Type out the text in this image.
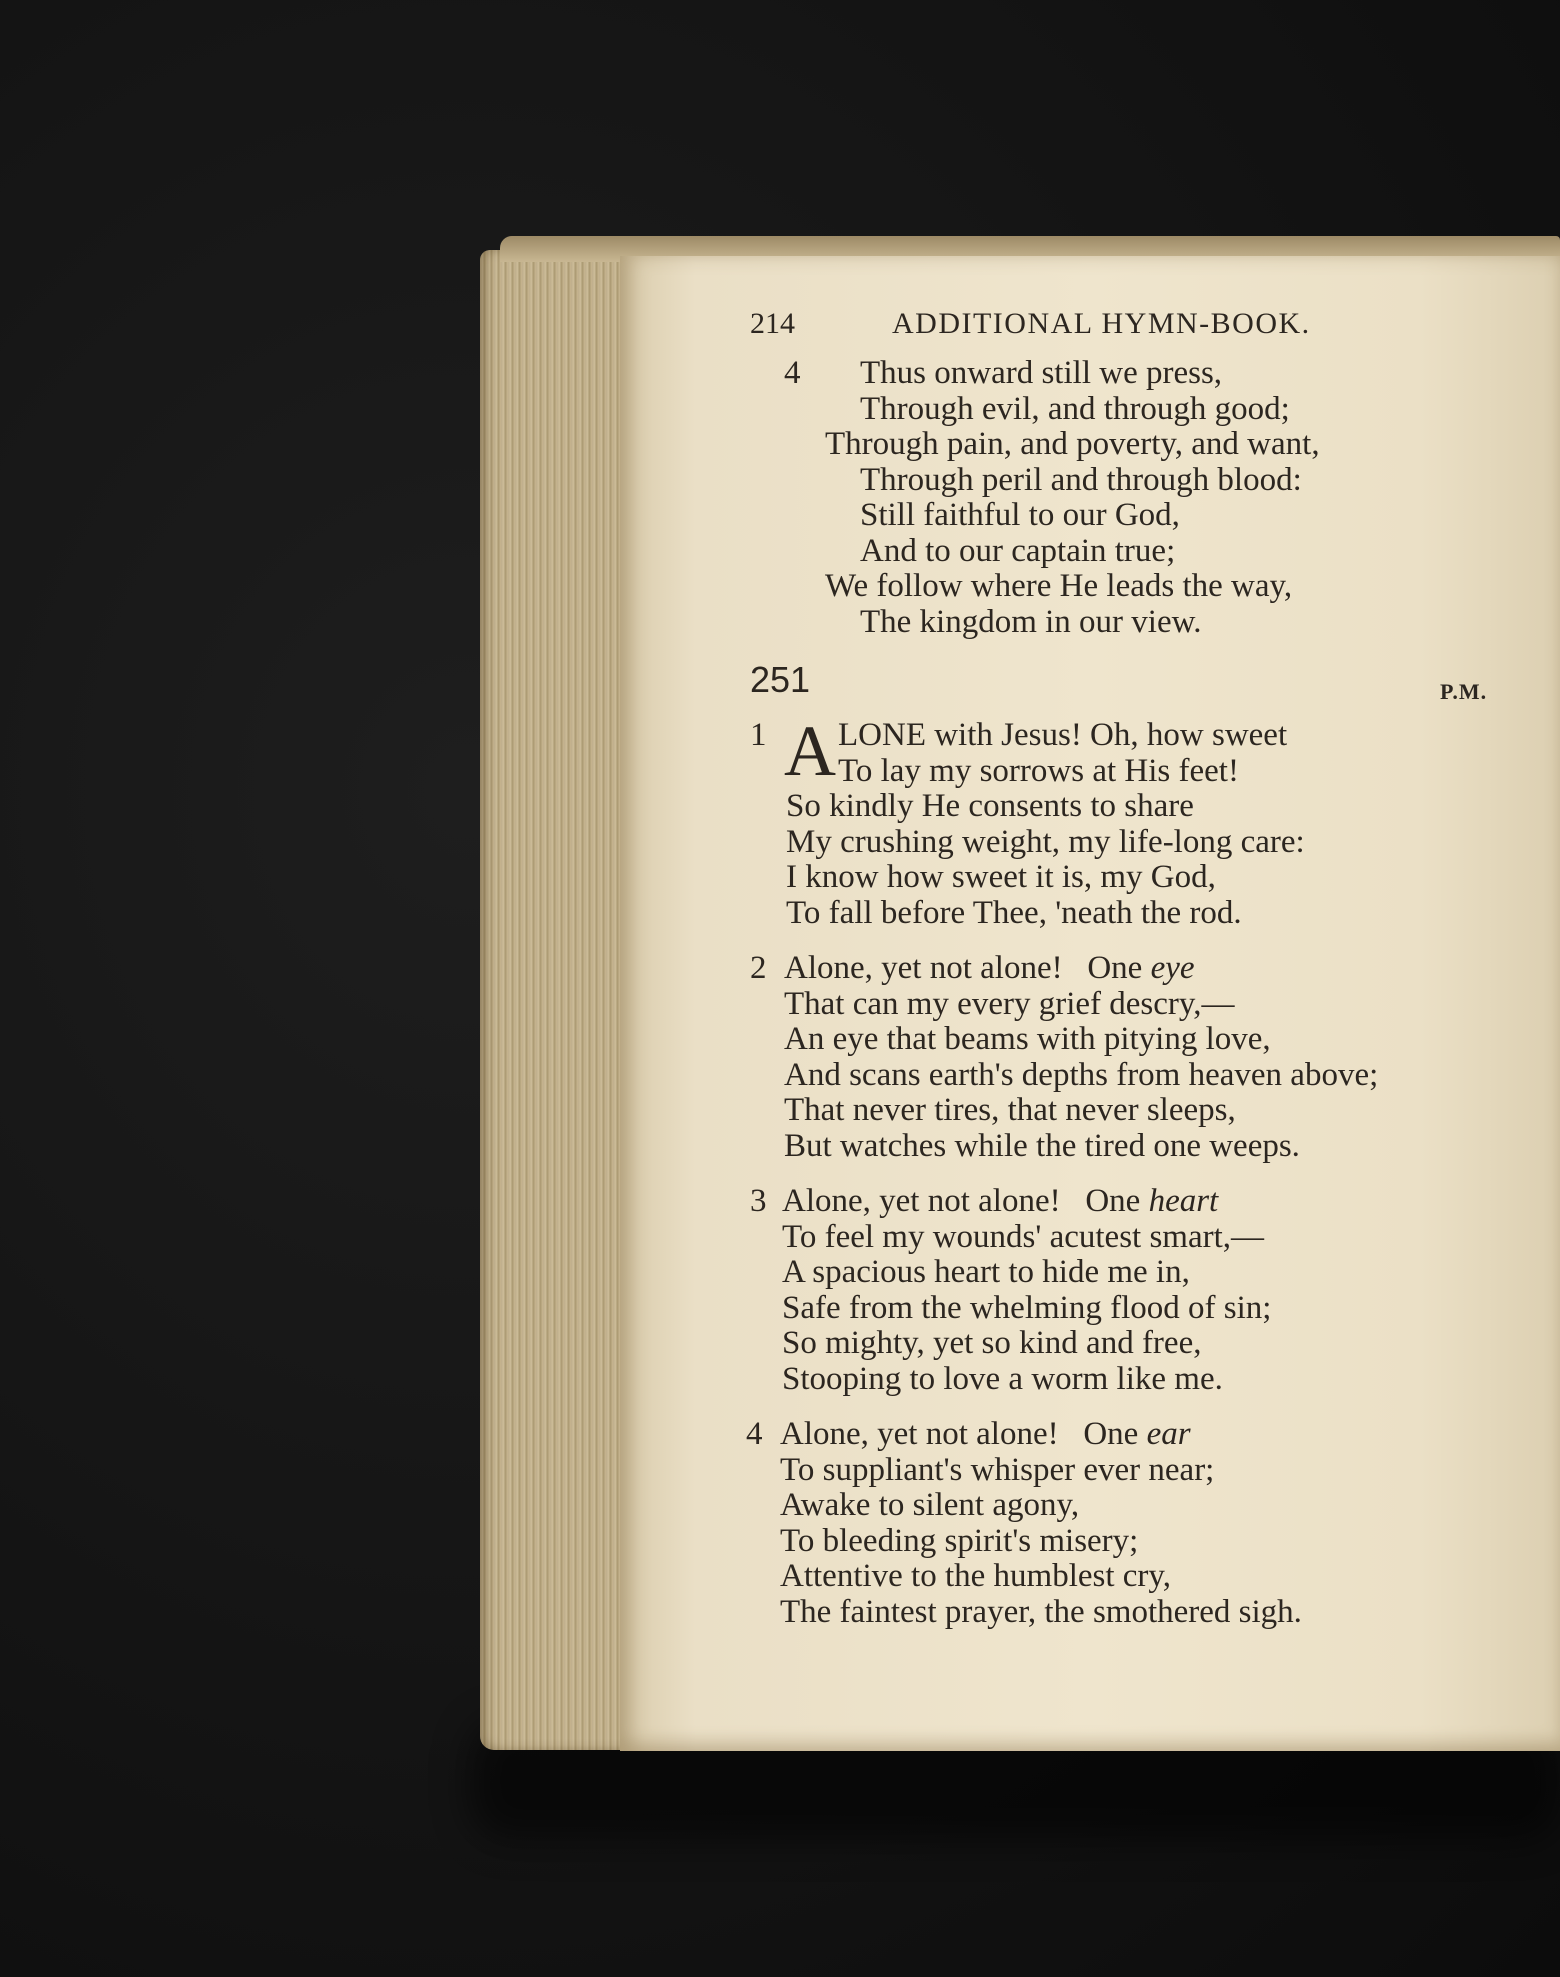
214	ADDITIONAL HYMN-BOOK.
4	Thus onward still we press,
Through evil, and through good;
Through pain, and poverty, and want,
Through peril and through blood:
Still faithful to our God,
And to our captain true;
We follow where He leads the way,
The kingdom in our view.
251	P.M.
1 A LONE with Jesus! Oh, how sweet
To lay my sorrows at His feet!
So kindly He consents to share
My crushing weight, my life-long care:
I know how sweet it is, my God,
To fall before Thee, 'neath the rod.
2 Alone, yet not alone!   One eye
That can my every grief descry,—
An eye that beams with pitying love,
And scans earth's depths from heaven above;
That never tires, that never sleeps,
But watches while the tired one weeps.
3 Alone, yet not alone!   One heart
To feel my wounds' acutest smart,—
A spacious heart to hide me in,
Safe from the whelming flood of sin;
So mighty, yet so kind and free,
Stooping to love a worm like me.
4 Alone, yet not alone!   One ear
To suppliant's whisper ever near;
Awake to silent agony,
To bleeding spirit's misery;
Attentive to the humblest cry,
The faintest prayer, the smothered sigh.
